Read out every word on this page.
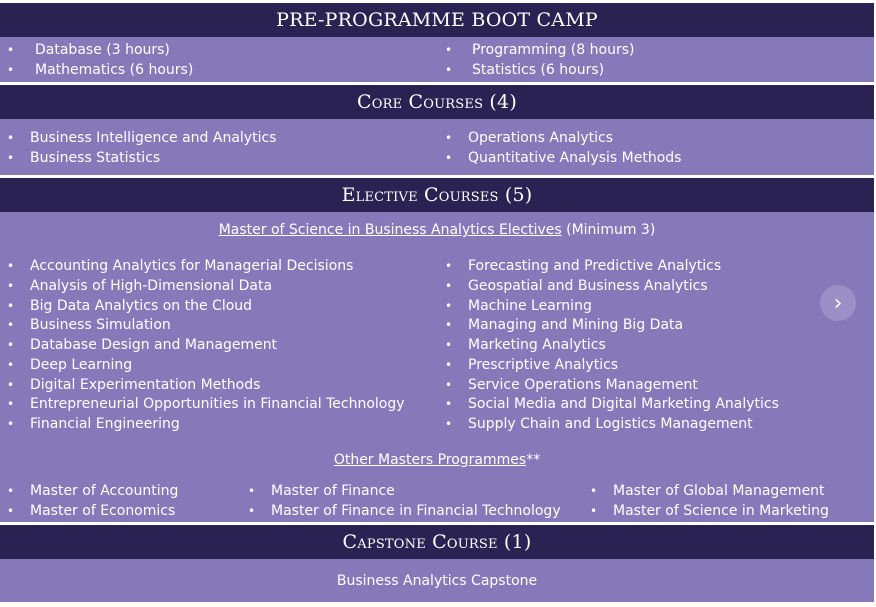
PRE-PROGRAMME BOOT CAMP
• Database (3 hours)
• Mathematics (6 hours)
• Programming (8 hours)
• Statistics (6 hours)
Core Courses (4)
• Business Intelligence and Analytics
• Business Statistics
• Operations Analytics
• Quantitative Analysis Methods
Elective Courses (5)
Master of Science in Business Analytics Electives (Minimum 3)
• Accounting Analytics for Managerial Decisions
• Analysis of High-Dimensional Data
• Big Data Analytics on the Cloud
• Business Simulation
• Database Design and Management
• Deep Learning
• Digital Experimentation Methods
• Entrepreneurial Opportunities in Financial Technology
• Financial Engineering
• Forecasting and Predictive Analytics
• Geospatial and Business Analytics
• Machine Learning
• Managing and Mining Big Data
• Marketing Analytics
• Prescriptive Analytics
• Service Operations Management
• Social Media and Digital Marketing Analytics
• Supply Chain and Logistics Management
Other Masters Programmes**
• Master of Accounting
• Master of Economics
• Master of Finance
• Master of Finance in Financial Technology
• Master of Global Management
• Master of Science in Marketing
›
Capstone Course (1)
Business Analytics Capstone
